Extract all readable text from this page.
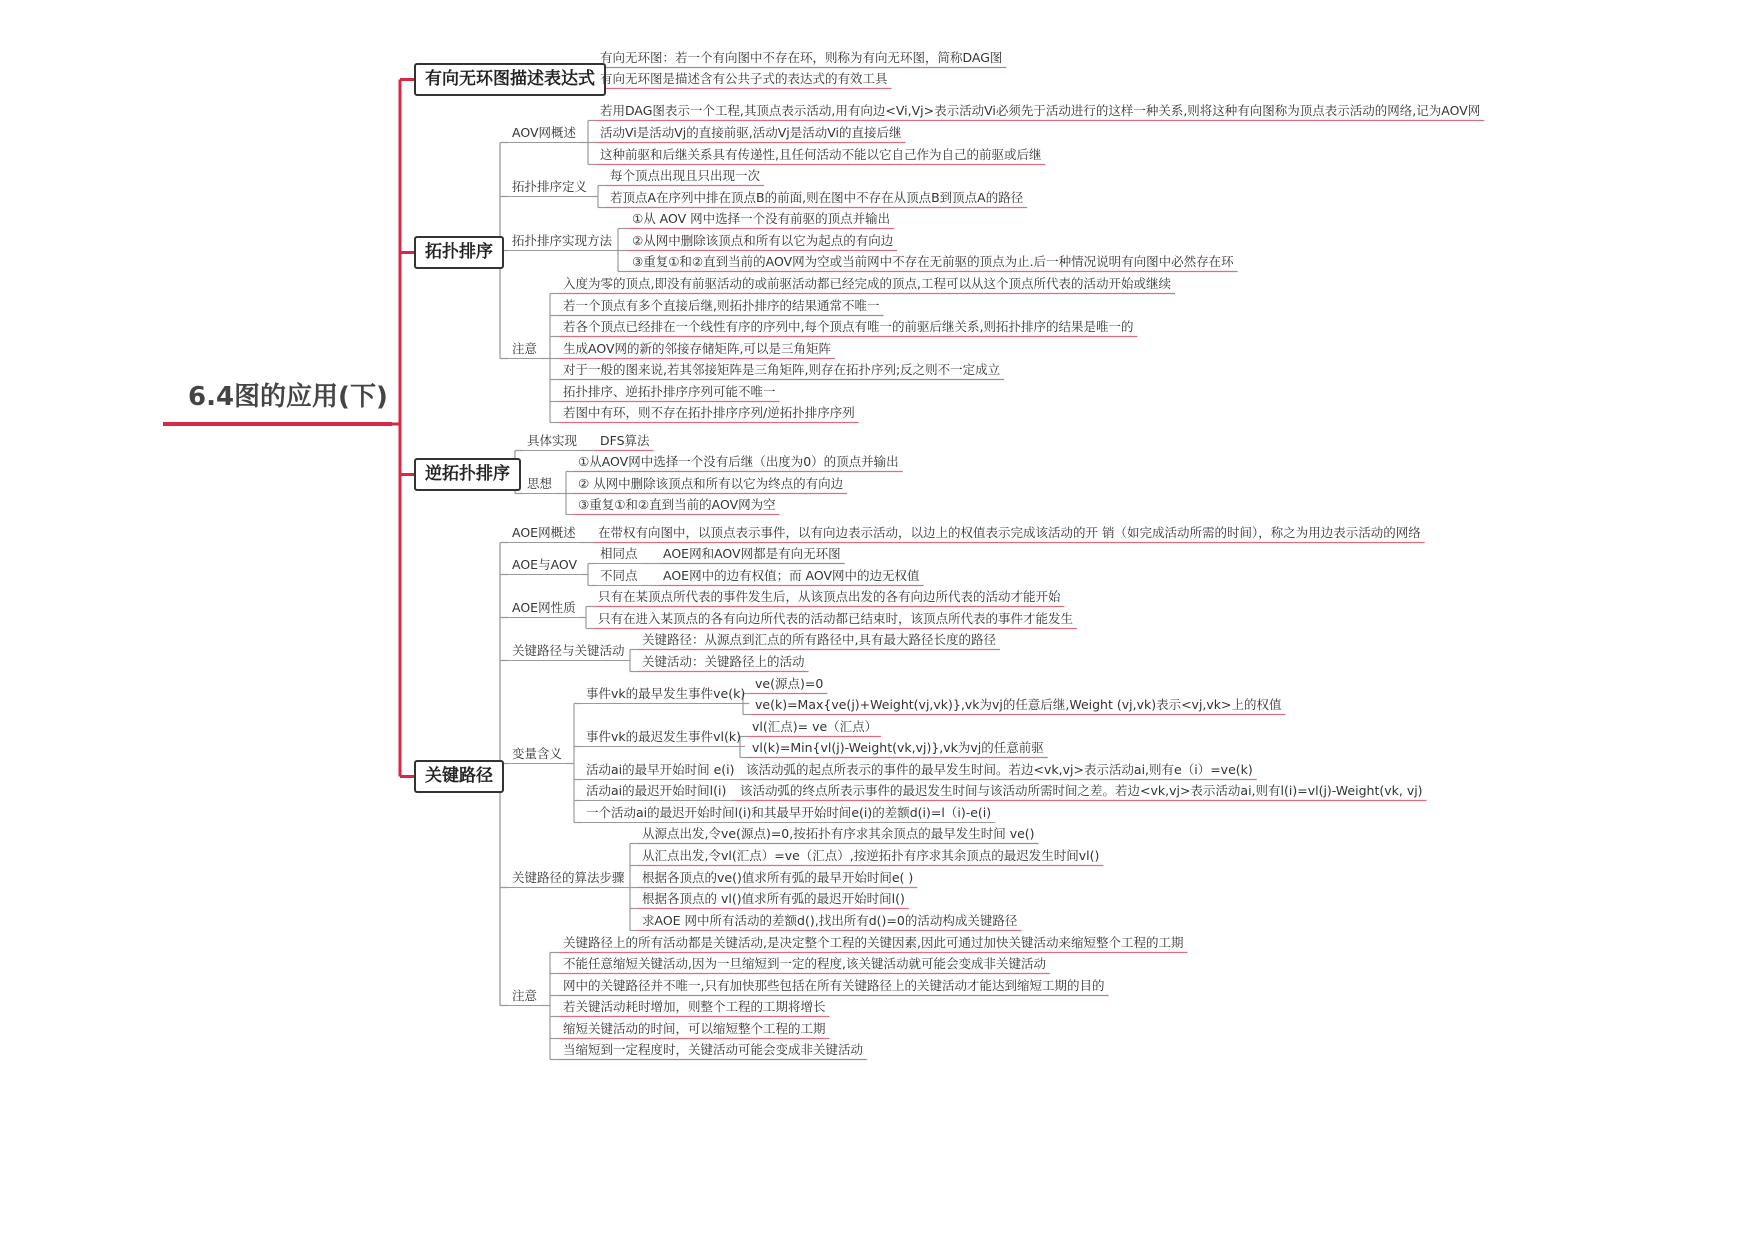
6.4图的应用(下)
有向无环图描述表达式
有向无环图：若一个有向图中不存在环，则称为有向无环图，简称DAG图
有向无环图是描述含有公共子式的表达式的有效工具
拓扑排序
AOV网概述
若用DAG图表示一个工程,其顶点表示活动,用有向边<Vi,Vj>表示活动Vi必须先于活动进行的这样一种关系,则将这种有向图称为顶点表示活动的网络,记为AOV网
活动Vi是活动Vj的直接前驱,活动Vj是活动Vi的直接后继
这种前驱和后继关系具有传递性,且任何活动不能以它自己作为自己的前驱或后继
拓扑排序定义
每个顶点出现且只出现一次
若顶点A在序列中排在顶点B的前面,则在图中不存在从顶点B到顶点A的路径
拓扑排序实现方法
①从 AOV 网中选择一个没有前驱的顶点并输出
②从网中删除该顶点和所有以它为起点的有向边
③重复①和②直到当前的AOV网为空或当前网中不存在无前驱的顶点为止.后一种情况说明有向图中必然存在环
注意
入度为零的顶点,即没有前驱活动的或前驱活动都已经完成的顶点,工程可以从这个顶点所代表的活动开始或继续
若一个顶点有多个直接后继,则拓扑排序的结果通常不唯一
若各个顶点已经排在一个线性有序的序列中,每个顶点有唯一的前驱后继关系,则拓扑排序的结果是唯一的
生成AOV网的新的邻接存储矩阵,可以是三角矩阵
对于一般的图来说,若其邻接矩阵是三角矩阵,则存在拓扑序列;反之则不一定成立
拓扑排序、逆拓扑排序序列可能不唯一
若图中有环，则不存在拓扑排序序列/逆拓扑排序序列
逆拓扑排序
具体实现 DFS算法
思想
①从AOV网中选择一个没有后继（出度为0）的顶点并输出
② 从网中删除该顶点和所有以它为终点的有向边
③重复①和②直到当前的AOV网为空
关键路径
AOE网概述 在带权有向图中，以顶点表示事件，以有向边表示活动，以边上的权值表示完成该活动的开 销（如完成活动所需的时间），称之为用边表示活动的网络
AOE与AOV
相同点 AOE网和AOV网都是有向无环图
不同点 AOE网中的边有权值；而 AOV网中的边无权值
AOE网性质
只有在某顶点所代表的事件发生后，从该顶点出发的各有向边所代表的活动才能开始
只有在进入某顶点的各有向边所代表的活动都已结束时，该顶点所代表的事件才能发生
关键路径与关键活动
关键路径：从源点到汇点的所有路径中,具有最大路径长度的路径
关键活动：关键路径上的活动
变量含义
事件vk的最早发生事件ve(k)
ve(源点)=0
ve(k)=Max{ve(j)+Weight(vj,vk)},vk为vj的任意后继,Weight (vj,vk)表示<vj,vk>上的权值
事件vk的最迟发生事件vl(k)
vl(汇点)= ve（汇点）
vl(k)=Min{vl(j)-Weight(vk,vj)},vk为vj的任意前驱
活动ai的最早开始时间 e(i) 该活动弧的起点所表示的事件的最早发生时间。若边<vk,vj>表示活动ai,则有e（i）=ve(k)
活动ai的最迟开始时间l(i) 该活动弧的终点所表示事件的最迟发生时间与该活动所需时间之差。若边<vk,vj>表示活动ai,则有l(i)=vl(j)-Weight(vk, vj)
一个活动ai的最迟开始时间l(i)和其最早开始时间e(i)的差额d(i)=l（i)-e(i)
关键路径的算法步骤
从源点出发,令ve(源点)=0,按拓扑有序求其余顶点的最早发生时间 ve()
从汇点出发,令vl(汇点）=ve（汇点）,按逆拓扑有序求其余顶点的最迟发生时间vl()
根据各顶点的ve()值求所有弧的最早开始时间e( )
根据各顶点的 vl()值求所有弧的最迟开始时间l()
求AOE 网中所有活动的差额d(),找出所有d()=0的活动构成关键路径
注意
关键路径上的所有活动都是关键活动,是决定整个工程的关键因素,因此可通过加快关键活动来缩短整个工程的工期
不能任意缩短关键活动,因为一旦缩短到一定的程度,该关键活动就可能会变成非关键活动
网中的关键路径并不唯一,只有加快那些包括在所有关键路径上的关键活动才能达到缩短工期的目的
若关键活动耗时增加，则整个工程的工期将增长
缩短关键活动的时间，可以缩短整个工程的工期
当缩短到一定程度时，关键活动可能会变成非关键活动
